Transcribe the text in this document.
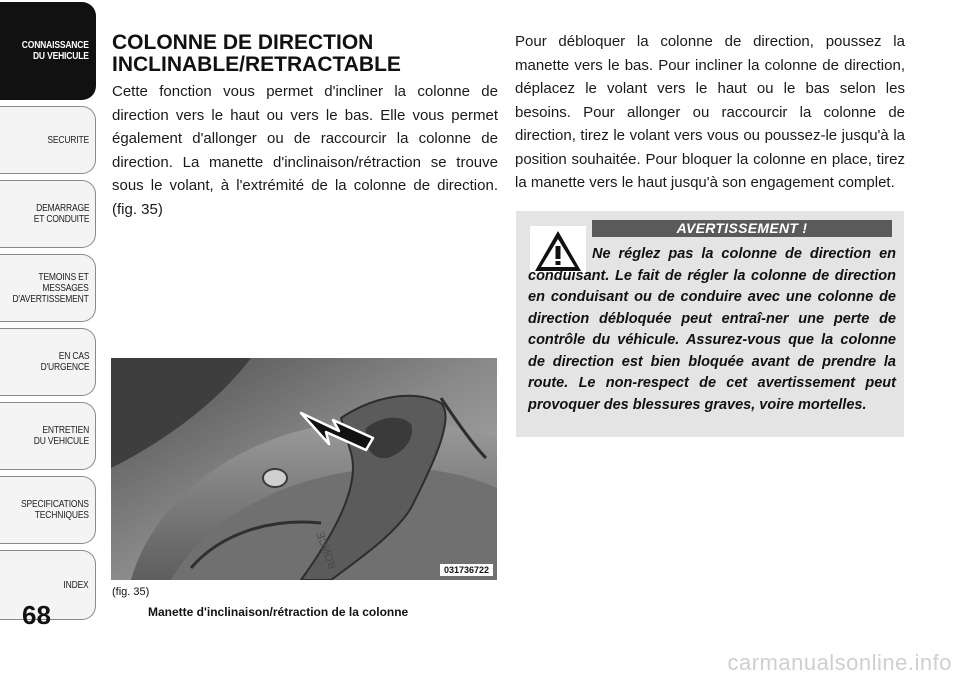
CONNAISSANCE
DU VEHICULE
SECURITE
DEMARRAGE
ET CONDUITE
TEMOINS ET
MESSAGES
D'AVERTISSEMENT
EN CAS
D'URGENCE
ENTRETIEN
DU VEHICULE
SPECIFICATIONS
TECHNIQUES
INDEX
68
COLONNE DE DIRECTION INCLINABLE/RETRACTABLE

Cette fonction vous permet d'incliner la colonne de direction vers le haut ou vers le bas. Elle vous permet également d'allonger ou de raccourcir la colonne de direction. La manette d'inclinaison/rétraction se trouve sous le volant, à l'extrémité de la colonne de direction. (fig. 35)

ƎƆИOꓤ	031736722
(fig. 35)
Manette d'inclinaison/rétraction de la colonne

Pour débloquer la colonne de direction, poussez la manette vers le bas. Pour incliner la colonne de direction, déplacez le volant vers le haut ou le bas selon les besoins. Pour allonger ou raccourcir la colonne de direction, tirez le volant vers vous ou poussez-le jusqu'à la position souhaitée. Pour bloquer la colonne en place, tirez la manette vers le haut jusqu'à son engagement complet.

AVERTISSEMENT !

Ne réglez pas la colonne de direction en conduisant. Le fait de régler la colonne de direction en conduisant ou de conduire avec une colonne de direction débloquée peut entraî-ner une perte de contrôle du véhicule. Assurez-vous que la colonne de direction est bien bloquée avant de prendre la route. Le non-respect de cet avertissement peut provoquer des blessures graves, voire mortelles.

carmanualsonline.info
